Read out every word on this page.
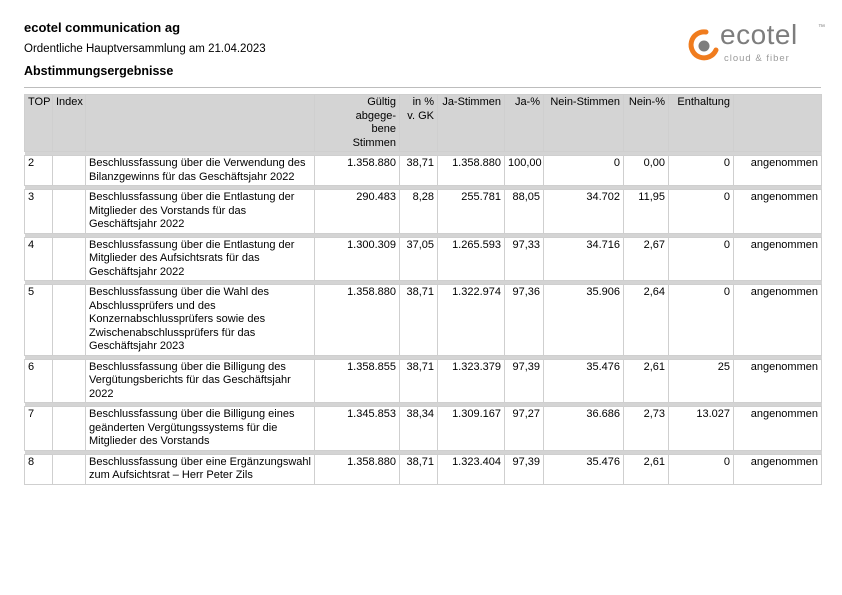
ecotel communication ag
Ordentliche Hauptversammlung am 21.04.2023
Abstimmungsergebnisse
ecotel	™
cloud & fiber
TOP	Index		Gültig
abgege-
bene
Stimmen	in %
v. GK	Ja-Stimmen	Ja-%	Nein-Stimmen	Nein-%	Enthaltung	

2		Beschlussfassung über die Verwendung des Bilanzgewinns für das Geschäftsjahr 2022	1.358.880	38,71	1.358.880	100,00	0	0,00	0	angenommen

3		Beschlussfassung über die Entlastung der Mitglieder des Vorstands für das Geschäftsjahr 2022	290.483	8,28	255.781	88,05	34.702	11,95	0	angenommen

4		Beschlussfassung über die Entlastung der Mitglieder des Aufsichtsrats für das Geschäftsjahr 2022	1.300.309	37,05	1.265.593	97,33	34.716	2,67	0	angenommen

5		Beschlussfassung über die Wahl des Abschlussprüfers und des Konzernabschlussprüfers sowie des Zwischenabschlussprüfers für das Geschäftsjahr 2023	1.358.880	38,71	1.322.974	97,36	35.906	2,64	0	angenommen

6		Beschlussfassung über die Billigung des Vergütungsberichts für das Geschäftsjahr 2022	1.358.855	38,71	1.323.379	97,39	35.476	2,61	25	angenommen

7		Beschlussfassung über die Billigung eines geänderten Vergütungssystems für die Mitglieder des Vorstands	1.345.853	38,34	1.309.167	97,27	36.686	2,73	13.027	angenommen

8		Beschlussfassung über eine Ergänzungswahl zum Aufsichtsrat – Herr Peter Zils	1.358.880	38,71	1.323.404	97,39	35.476	2,61	0	angenommen
